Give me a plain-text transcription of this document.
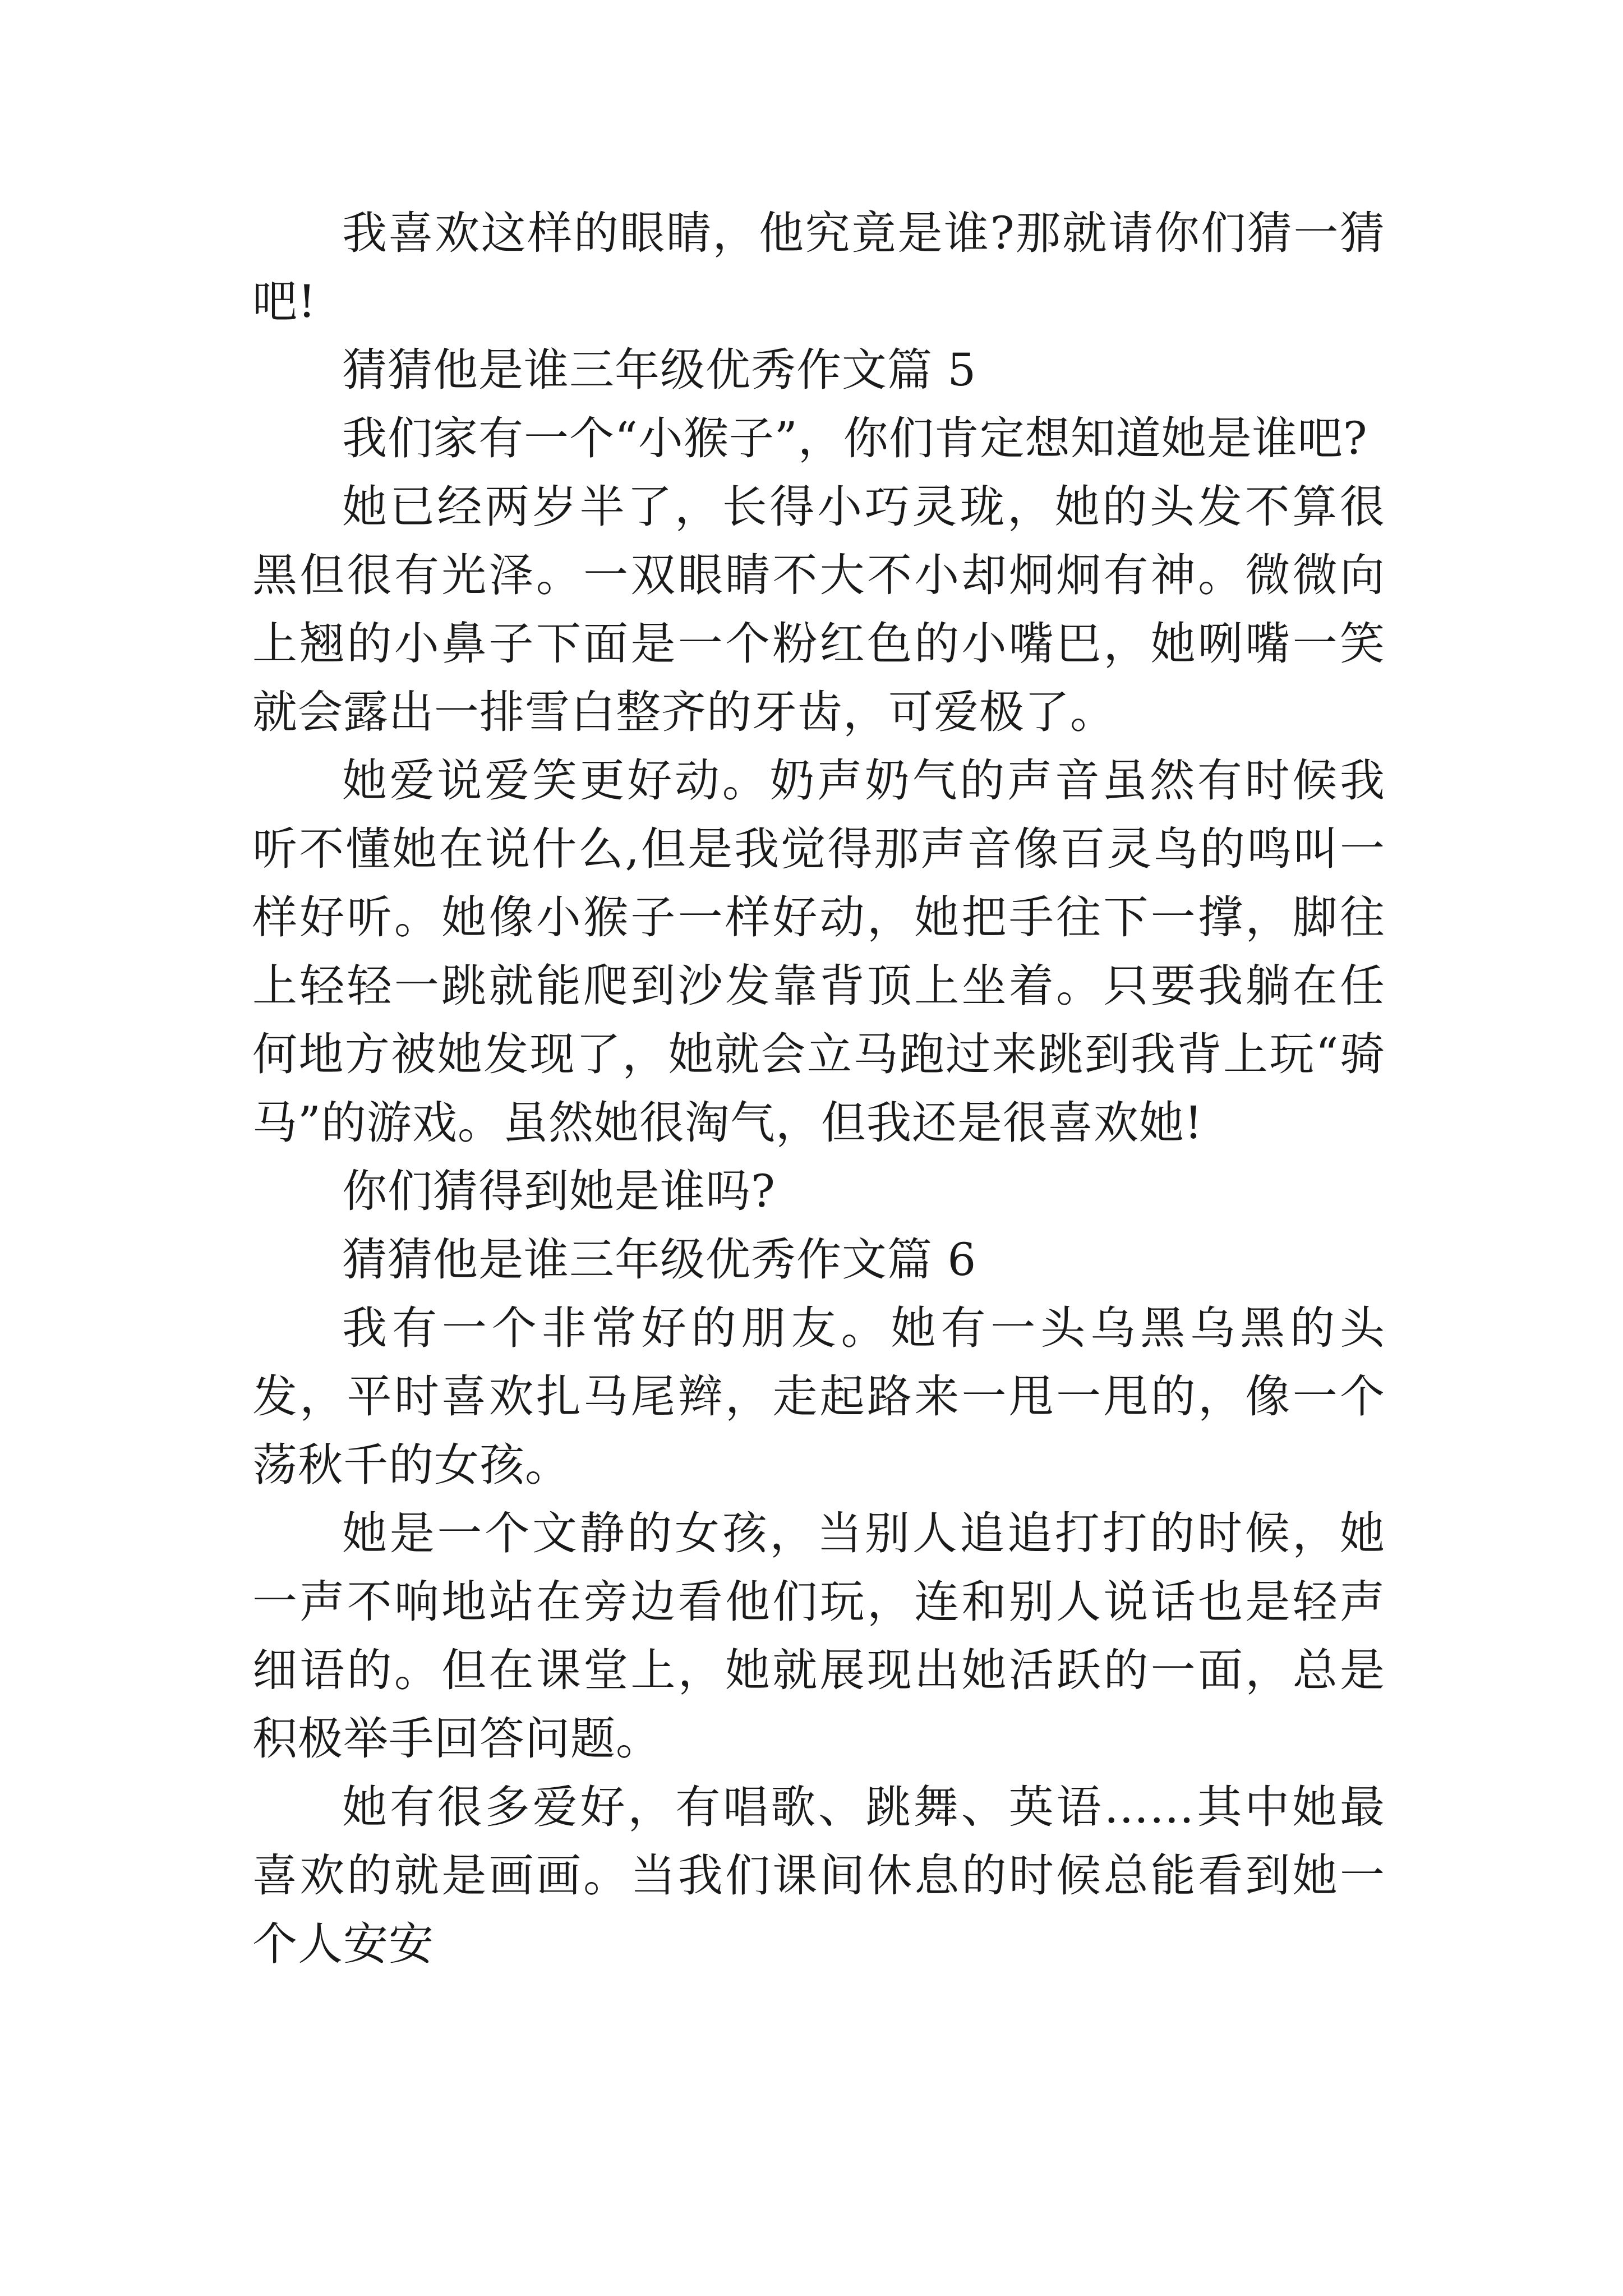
我喜欢这样的眼睛，他究竟是谁?那就请你们猜一猜吧!

猜猜他是谁三年级优秀作文篇 5

我们家有一个“小猴子”，你们肯定想知道她是谁吧?

她已经两岁半了，长得小巧灵珑，她的头发不算很黑但很有光泽。一双眼睛不大不小却炯炯有神。微微向上翘的小鼻子下面是一个粉红色的小嘴巴，她咧嘴一笑就会露出一排雪白整齐的牙齿，可爱极了。

她爱说爱笑更好动。奶声奶气的声音虽然有时候我听不懂她在说什么,但是我觉得那声音像百灵鸟的鸣叫一样好听。她像小猴子一样好动，她把手往下一撑，脚往上轻轻一跳就能爬到沙发靠背顶上坐着。只要我躺在任何地方被她发现了，她就会立马跑过来跳到我背上玩“骑马”的游戏。虽然她很淘气，但我还是很喜欢她!

你们猜得到她是谁吗?

猜猜他是谁三年级优秀作文篇 6

我有一个非常好的朋友。她有一头乌黑乌黑的头发，平时喜欢扎马尾辫，走起路来一甩一甩的，像一个荡秋千的女孩。

她是一个文静的女孩，当别人追追打打的时候，她一声不响地站在旁边看他们玩，连和别人说话也是轻声细语的。但在课堂上，她就展现出她活跃的一面，总是积极举手回答问题。

她有很多爱好，有唱歌、跳舞、英语……其中她最喜欢的就是画画。当我们课间休息的时候总能看到她一个人安安
